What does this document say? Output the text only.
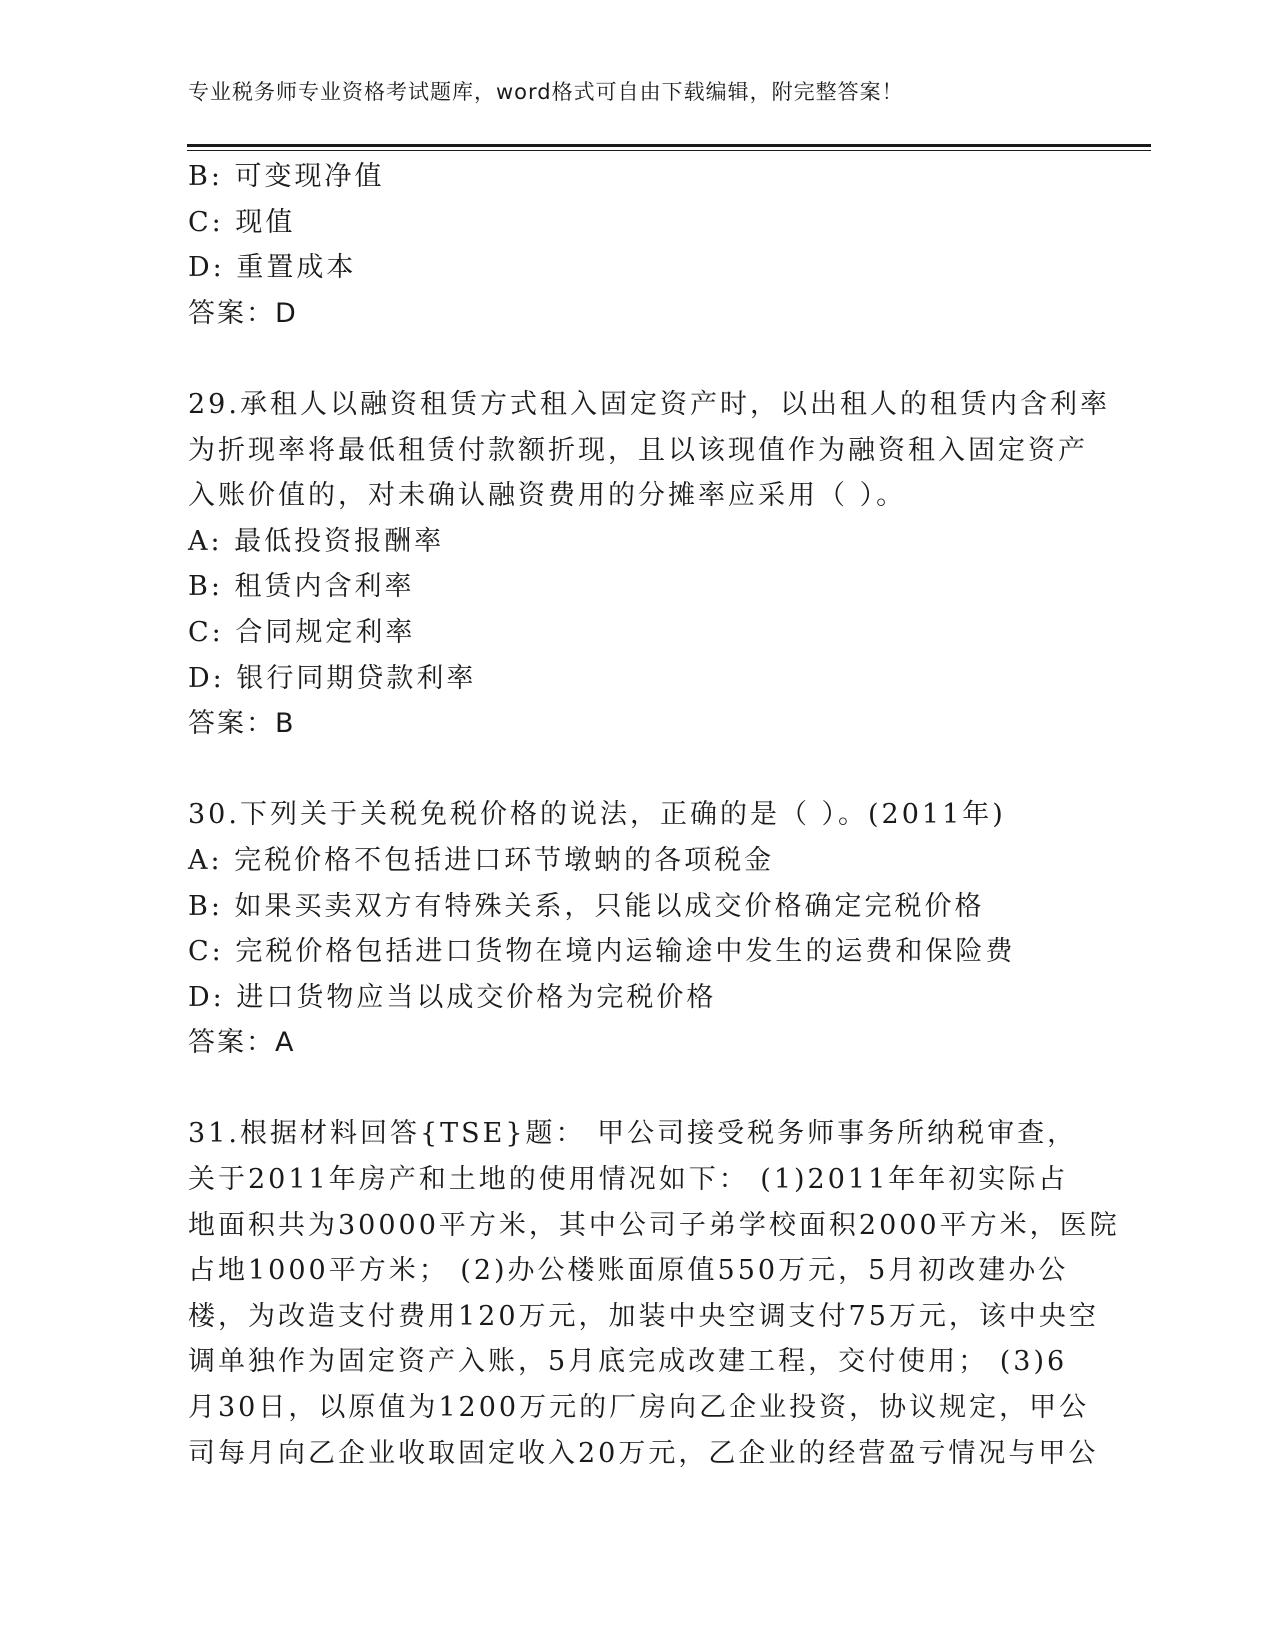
专业税务师专业资格考试题库，word格式可自由下载编辑，附完整答案！

B: 可变现净值

C: 现值

D: 重置成本

答案：D

29.承租人以融资租赁方式租入固定资产时，以出租人的租赁内含利率

为折现率将最低租赁付款额折现，且以该现值作为融资租入固定资产

入账价值的，对未确认融资费用的分摊率应采用（ ）。

A: 最低投资报酬率

B: 租赁内含利率

C: 合同规定利率

D: 银行同期贷款利率

答案：B

30.下列关于关税免税价格的说法，正确的是（ ）。(2011年)

A: 完税价格不包括进口环节墩蚋的各项税金

B: 如果买卖双方有特殊关系，只能以成交价格确定完税价格

C: 完税价格包括进口货物在境内运输途中发生的运费和保险费

D: 进口货物应当以成交价格为完税价格

答案：A

31.根据材料回答{TSE}题： 甲公司接受税务师事务所纳税审查，

关于2011年房产和土地的使用情况如下： (1)2011年年初实际占

地面积共为30000平方米，其中公司子弟学校面积2000平方米，医院

占地1000平方米； (2)办公楼账面原值550万元，5月初改建办公

楼，为改造支付费用120万元，加装中央空调支付75万元，该中央空

调单独作为固定资产入账，5月底完成改建工程，交付使用； (3)6

月30日，以原值为1200万元的厂房向乙企业投资，协议规定，甲公

司每月向乙企业收取固定收入20万元，乙企业的经营盈亏情况与甲公
